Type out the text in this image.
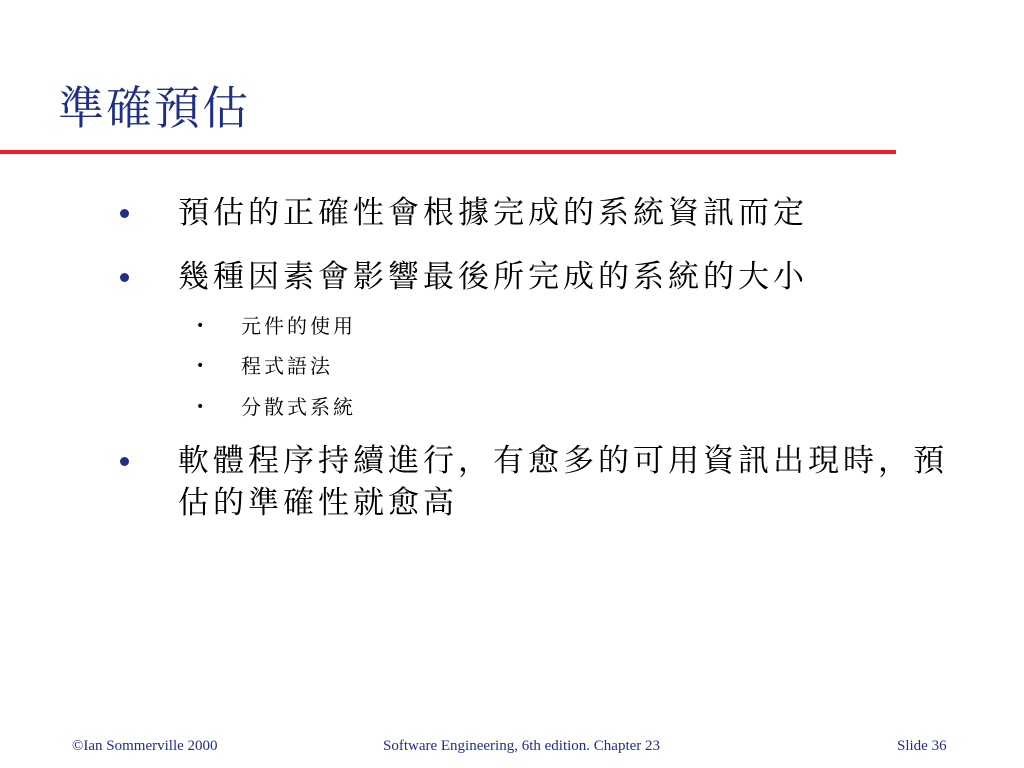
準確預估
預估的正確性會根據完成的系統資訊而定
幾種因素會影響最後所完成的系統的大小
•	元件的使用
•	程式語法
•	分散式系統
軟體程序持續進行，有愈多的可用資訊出現時，預估的準確性就愈高
©Ian Sommerville 2000	Software Engineering, 6th edition. Chapter 23	Slide 36
